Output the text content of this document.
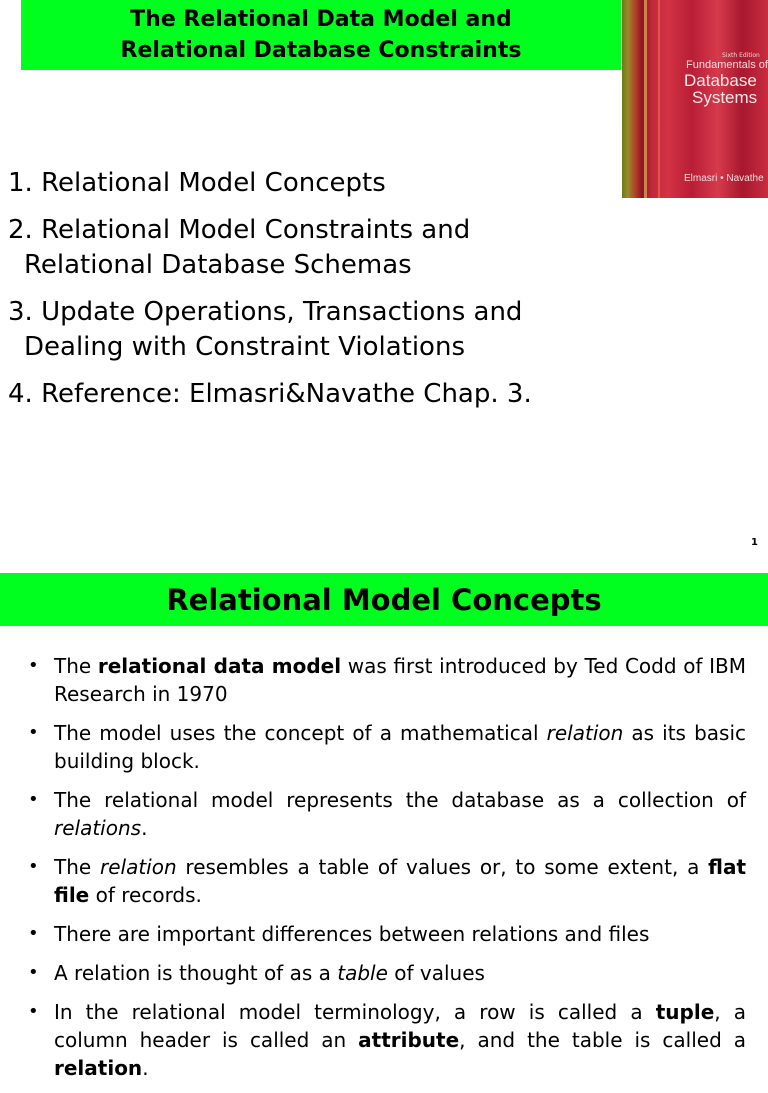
The Relational Data Model and
Relational Database Constraints	Sixth Edition
Fundamentals of
Database
Systems
Elmasri • Navathe
1. Relational Model Concepts
2. Relational Model Constraints and
Relational Database Schemas
3. Update Operations, Transactions and
Dealing with Constraint Violations
4. Reference: Elmasri&Navathe Chap. 3.
1
Relational Model Concepts
• The relational data model was first introduced by Ted Codd of IBM Research in 1970
• The model uses the concept of a mathematical relation as its basic building block.
• The relational model represents the database as a collection of relations.
• The relation resembles a table of values or, to some extent, a flat file of records.
• There are important differences between relations and files
• A relation is thought of as a table of values
• In the relational model terminology, a row is called a tuple, a column header is called an attribute, and the table is called a relation.
